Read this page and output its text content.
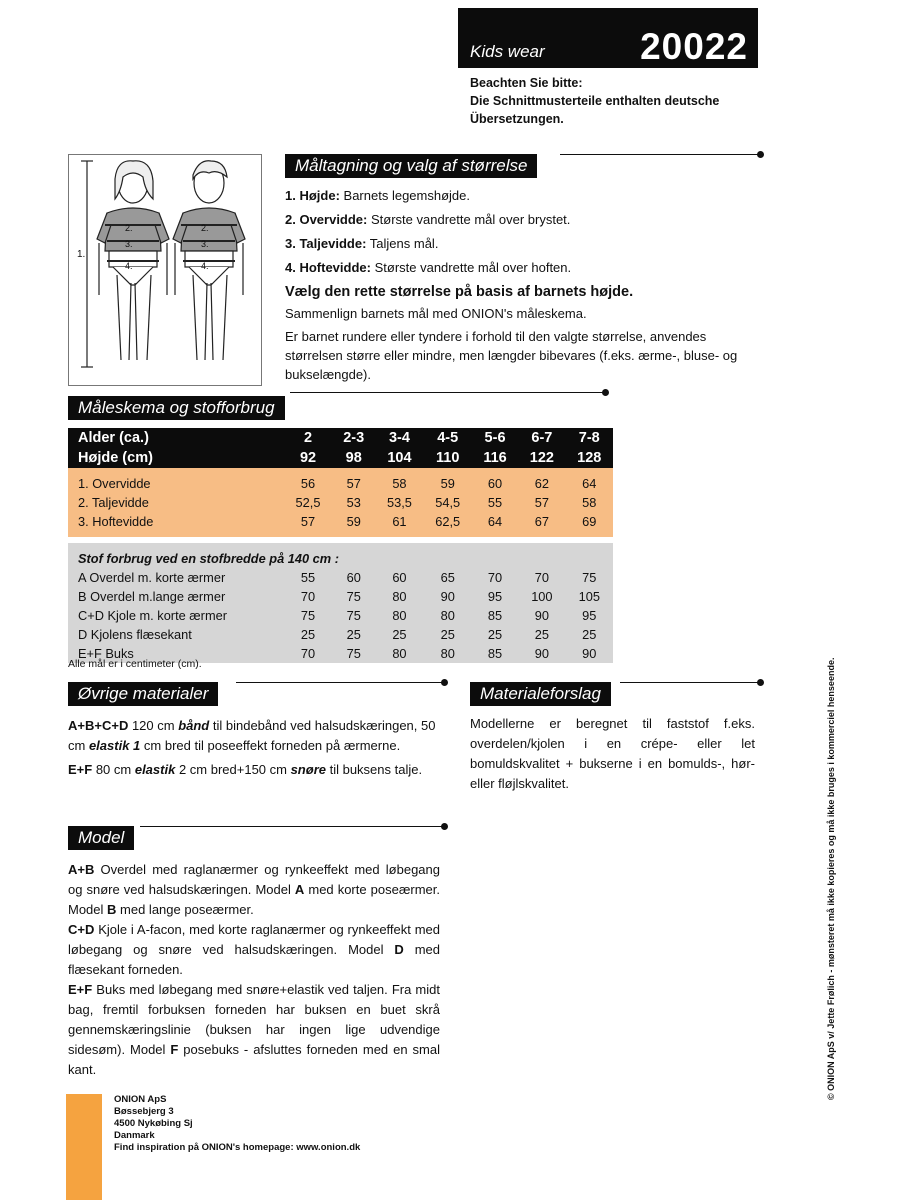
Kids wear	20022
Beachten Sie bitte:
Die Schnittmusterteile enthalten deutsche
Übersetzungen.
1.
2.
3.
4.
2.
3.
4.
Måltagning og valg af størrelse

1. Højde: Barnets legemshøjde.

2. Overvidde: Største vandrette mål over brystet.

3. Taljevidde: Taljens mål.

4. Hoftevidde: Største vandrette mål over hoften.

Vælg den rette størrelse på basis af barnets højde.

Sammenlign barnets mål med ONION's måleskema.

Er barnet rundere eller tyndere i forhold til den valgte størrelse, anvendes størrelsen større eller mindre, men længder bibevares (f.eks. ærme-, bluse- og bukselængde).

Måleskema og stofforbrug
Alder (ca.)	2	2-3	3-4	4-5	5-6	6-7	7-8
Højde (cm)	92	98	104	110	116	122	128

1. Overvidde	56	57	58	59	60	62	64
2. Taljevidde	52,5	53	53,5	54,5	55	57	58
3. Hoftevidde	57	59	61	62,5	64	67	69

Stof forbrug ved en stofbredde på 140 cm :							
A Overdel m. korte ærmer	55	60	60	65	70	70	75
B Overdel m.lange ærmer	70	75	80	90	95	100	105
C+D Kjole m. korte ærmer	75	75	80	80	85	90	95
D Kjolens flæsekant	25	25	25	25	25	25	25
E+F Buks	70	75	80	80	85	90	90
Alle mål er i centimeter (cm).
Øvrige materialer

A+B+C+D 120 cm bånd til bindebånd ved halsudskæringen, 50 cm elastik 1 cm bred til poseeffekt forneden på ærmerne.

E+F 80 cm elastik 2 cm bred+150 cm snøre til buksens talje.

Materialeforslag
Modellerne er beregnet til faststof f.eks. overdelen/kjolen i en crépe- eller let bomuldskvalitet + bukserne i en bomulds-, hør- eller fløjlskvalitet.
Model

A+B Overdel med raglanærmer og rynkeeffekt med løbegang og snøre ved halsudskæringen. Model A med korte poseærmer. Model B med lange poseærmer.

C+D Kjole i A-facon, med korte raglanærmer og rynkeeffekt med løbegang og snøre ved halsudskæringen. Model D med flæsekant forneden.

E+F Buks med løbegang med snøre+elastik ved taljen. Fra midt bag, fremtil forbuksen forneden har buksen en buet skrå gennemskæringslinie (buksen har ingen lige udvendige sidesøm). Model F posebuks - afsluttes forneden med en smal kant.

ONION ApS
Bøssebjerg 3
4500 Nykøbing Sj
Danmark
Find inspiration på ONION's homepage: www.onion.dk
© ONION ApS v/ Jette Frølich - mønsteret må ikke kopieres og må ikke bruges i kommerciel henseende.
